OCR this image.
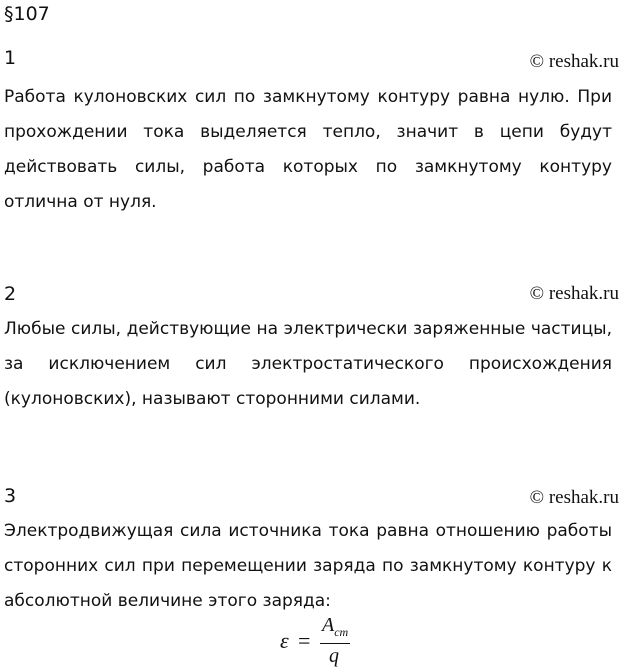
§107
1	© reshak.ru
Работа кулоновских сил по замкнутому контуру равна нулю. При прохождении тока выделяется тепло, значит в цепи будут действовать силы, работа которых по замкнутому контуру отлична от нуля.
2	© reshak.ru
Любые силы, действующие на электрически заряженные частицы, за исключением сил электростатического происхождения (кулоновских), называют сторонними силами.
3	© reshak.ru
Электродвижущая сила источника тока равна отношению работы сторонних сил при перемещении заряда по замкнутому контуру к абсолютной величине этого заряда:
ε =
$A_{ст}$
q
